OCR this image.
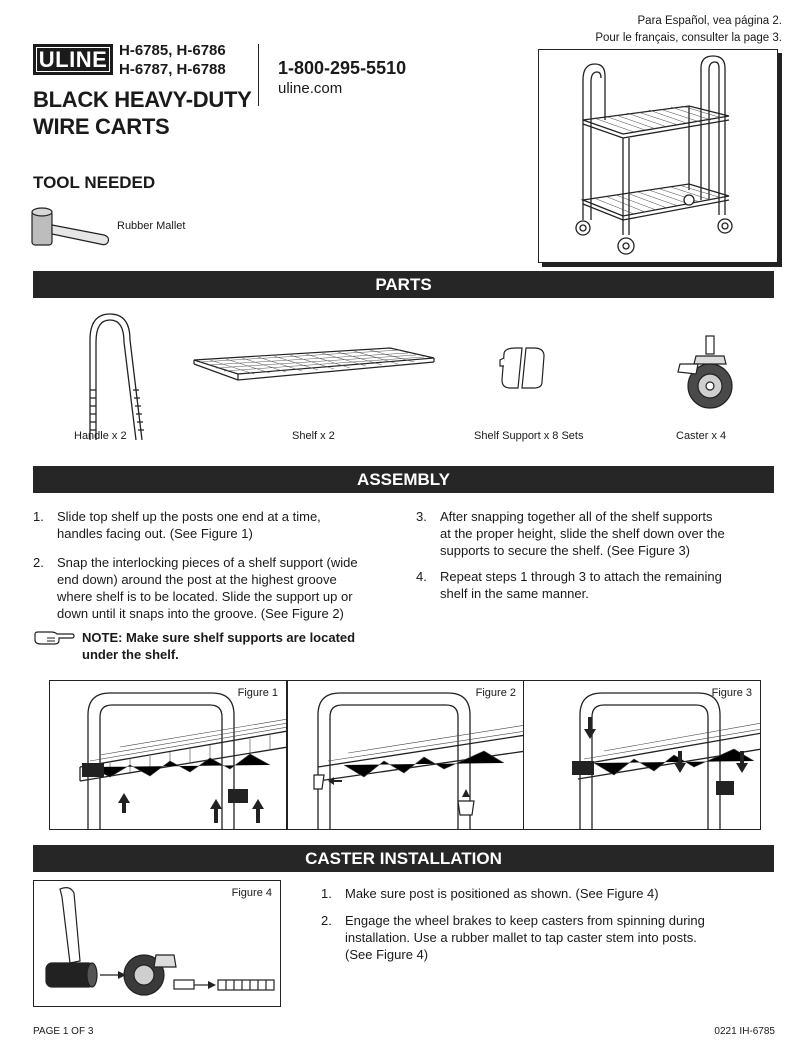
Para Español, vea página 2.
Pour le français, consulter la page 3.
ULINE H-6785, H-6786
H-6787, H-6788	1-800-295-5510
uline.com
BLACK HEAVY-DUTY
WIRE CARTS
TOOL NEEDED
Rubber Mallet
PARTS
Handle x 2	Shelf x 2	Shelf Support x 8 Sets	Caster x 4
ASSEMBLY
1. Slide top shelf up the posts one end at a time,
handles facing out. (See Figure 1)
2. Snap the interlocking pieces of a shelf support (wide
end down) around the post at the highest groove
where shelf is to be located. Slide the support up or
down until it snaps into the groove. (See Figure 2)
3. After snapping together all of the shelf supports
at the proper height, slide the shelf down over the
supports to secure the shelf. (See Figure 3)
4. Repeat steps 1 through 3 to attach the remaining
shelf in the same manner.
NOTE: Make sure shelf supports are located
under the shelf.
Figure 1	Figure 2	Figure 3
CASTER INSTALLATION
Figure 4	1. Make sure post is positioned as shown. (See Figure 4)
2. Engage the wheel brakes to keep casters from spinning during
installation. Use a rubber mallet to tap caster stem into posts.
(See Figure 4)
PAGE 1 OF 3	0221 IH-6785
